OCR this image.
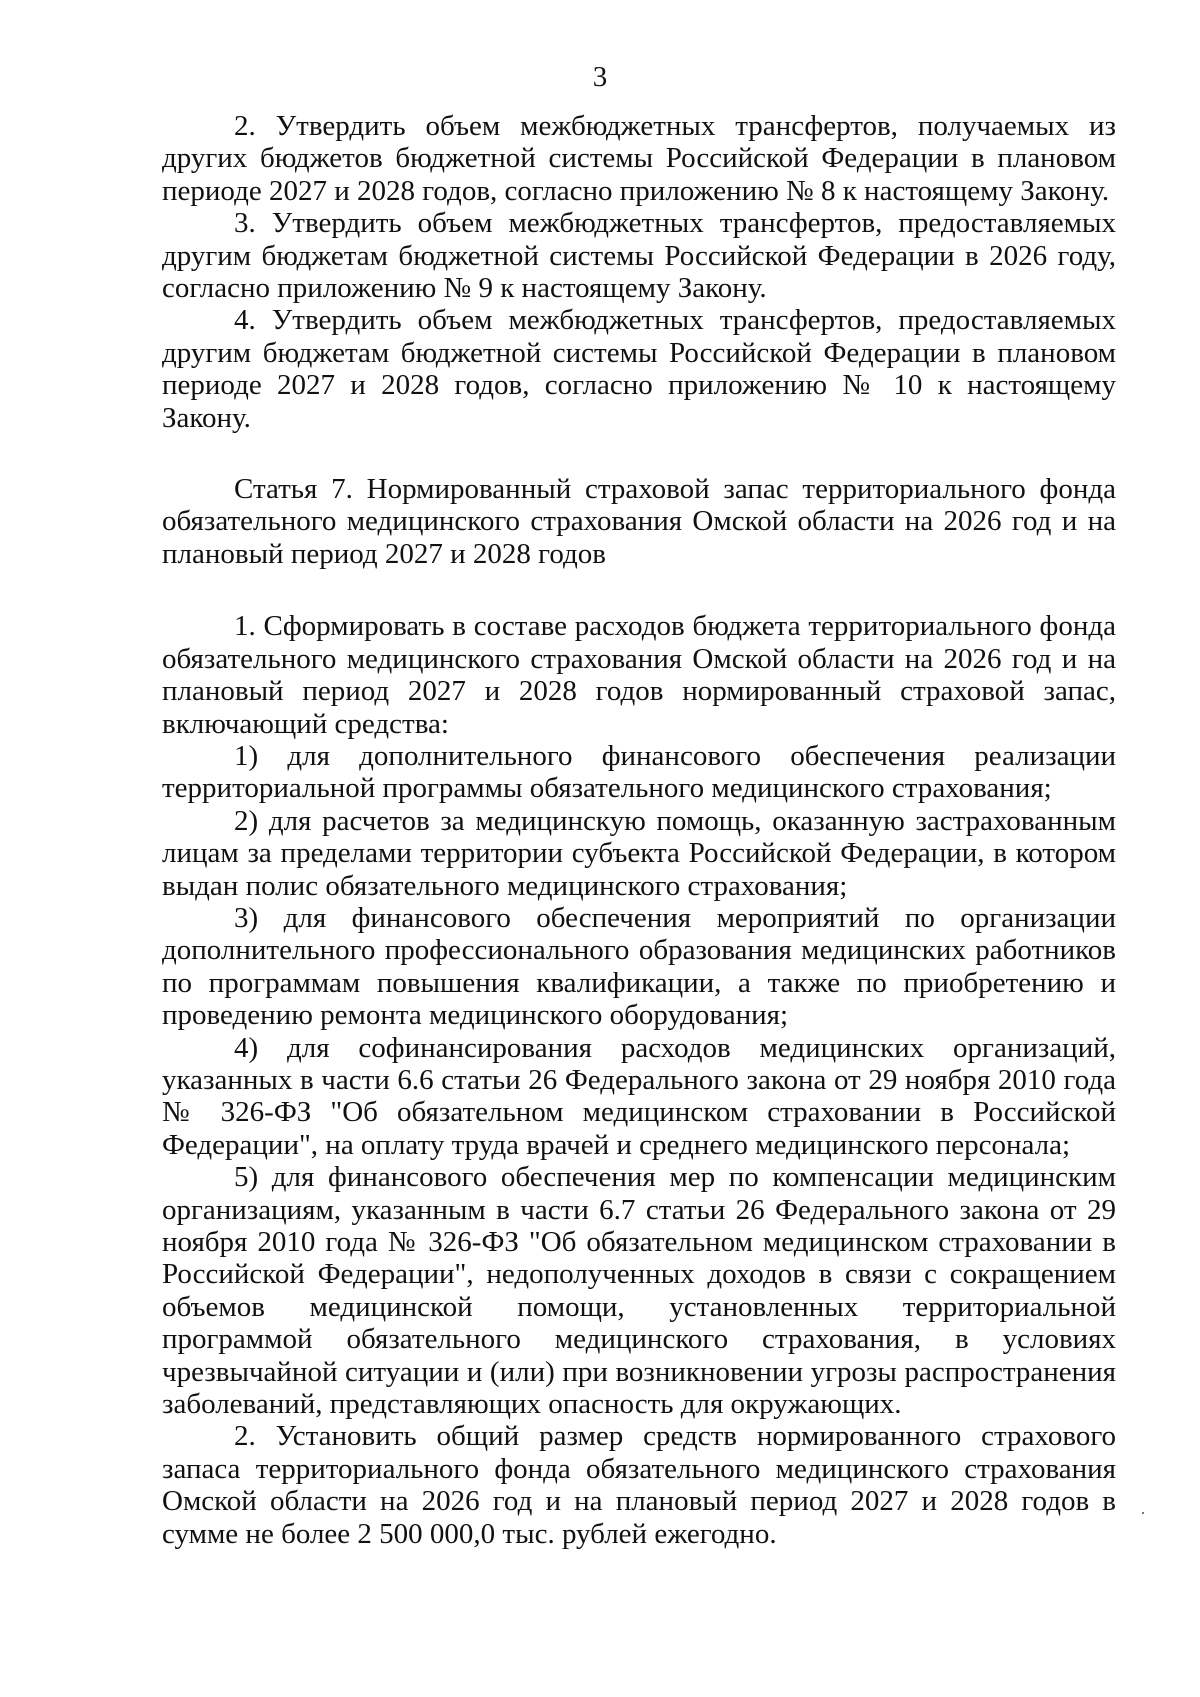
3

2. Утвердить объем межбюджетных трансфертов, получаемых из других бюджетов бюджетной системы Российской Федерации в плановом периоде 2027 и 2028 годов, согласно приложению № 8 к настоящему Закону.

3. Утвердить объем межбюджетных трансфертов, предоставляемых другим бюджетам бюджетной системы Российской Федерации в 2026 году, согласно приложению № 9 к настоящему Закону.

4. Утвердить объем межбюджетных трансфертов, предоставляемых другим бюджетам бюджетной системы Российской Федерации в плановом периоде 2027 и 2028 годов, согласно приложению № 10 к настоящему Закону.

Статья 7. Нормированный страховой запас территориального фонда обязательного медицинского страхования Омской области на 2026 год и на плановый период 2027 и 2028 годов

1. Сформировать в составе расходов бюджета территориального фонда обязательного медицинского страхования Омской области на 2026 год и на плановый период 2027 и 2028 годов нормированный страховой запас, включающий средства:

1) для дополнительного финансового обеспечения реализации территориальной программы обязательного медицинского страхования;

2) для расчетов за медицинскую помощь, оказанную застрахованным лицам за пределами территории субъекта Российской Федерации, в котором выдан полис обязательного медицинского страхования;

3) для финансового обеспечения мероприятий по организации дополнительного профессионального образования медицинских работников по программам повышения квалификации, а также по приобретению и проведению ремонта медицинского оборудования;

4) для софинансирования расходов медицинских организаций, указанных в части 6.6 статьи 26 Федерального закона от 29 ноября 2010 года № 326-ФЗ "Об обязательном медицинском страховании в Российской Федерации", на оплату труда врачей и среднего медицинского персонала;

5) для финансового обеспечения мер по компенсации медицинским организациям, указанным в части 6.7 статьи 26 Федерального закона от 29 ноября 2010 года № 326-ФЗ "Об обязательном медицинском страховании в Российской Федерации", недополученных доходов в связи с сокращением объемов медицинской помощи, установленных территориальной программой обязательного медицинского страхования, в условиях чрезвычайной ситуации и (или) при возникновении угрозы распространения заболеваний, представляющих опасность для окружающих.

2. Установить общий размер средств нормированного страхового запаса территориального фонда обязательного медицинского страхования Омской области на 2026 год и на плановый период 2027 и 2028 годов в сумме не более 2 500 000,0 тыс. рублей ежегодно.
